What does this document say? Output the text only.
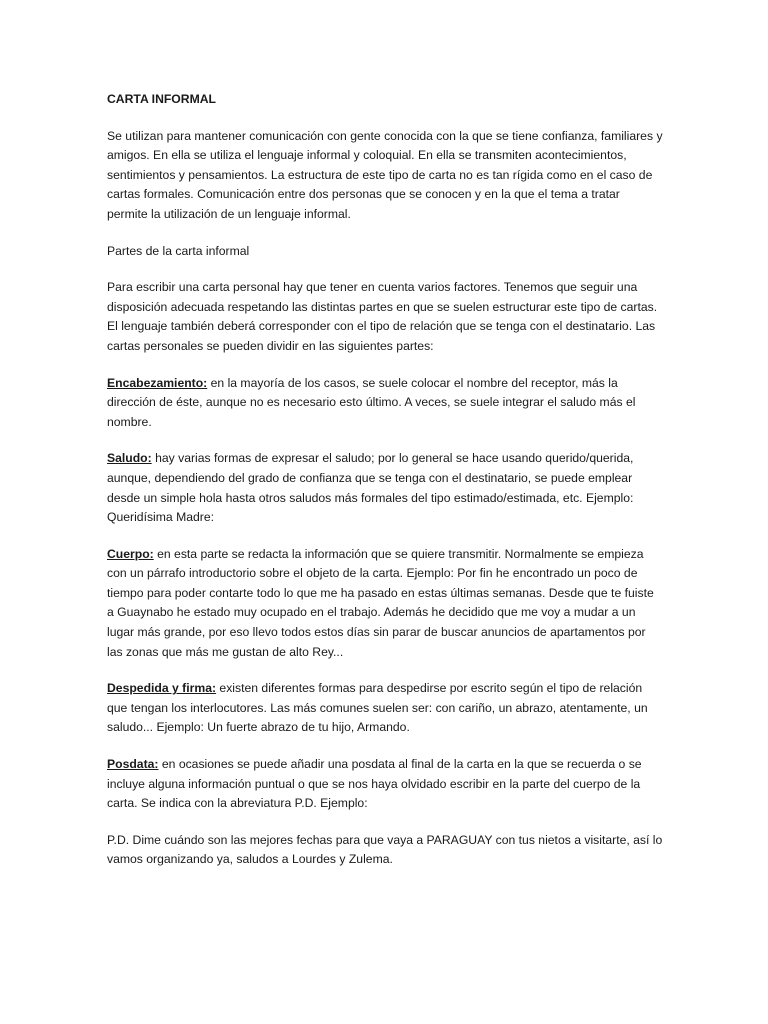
CARTA INFORMAL

Se utilizan para mantener comunicación con gente conocida con la que se tiene confianza, familiares y amigos. En ella se utiliza el lenguaje informal y coloquial. En ella se transmiten acontecimientos, sentimientos y pensamientos. La estructura de este tipo de carta no es tan rígida como en el caso de cartas formales. Comunicación entre dos personas que se conocen y en la que el tema a tratar permite la utilización de un lenguaje informal.

Partes de la carta informal

Para escribir una carta personal hay que tener en cuenta varios factores. Tenemos que seguir una disposición adecuada respetando las distintas partes en que se suelen estructurar este tipo de cartas. El lenguaje también deberá corresponder con el tipo de relación que se tenga con el destinatario. Las cartas personales se pueden dividir en las siguientes partes:

Encabezamiento: en la mayoría de los casos, se suele colocar el nombre del receptor, más la dirección de éste, aunque no es necesario esto último. A veces, se suele integrar el saludo más el nombre.

Saludo: hay varias formas de expresar el saludo; por lo general se hace usando querido/querida, aunque, dependiendo del grado de confianza que se tenga con el destinatario, se puede emplear desde un simple hola hasta otros saludos más formales del tipo estimado/estimada, etc. Ejemplo: Queridísima Madre:

Cuerpo: en esta parte se redacta la información que se quiere transmitir. Normalmente se empieza con un párrafo introductorio sobre el objeto de la carta. Ejemplo: Por fin he encontrado un poco de tiempo para poder contarte todo lo que me ha pasado en estas últimas semanas. Desde que te fuiste a Guaynabo he estado muy ocupado en el trabajo. Además he decidido que me voy a mudar a un lugar más grande, por eso llevo todos estos días sin parar de buscar anuncios de apartamentos por las zonas que más me gustan de alto Rey...

Despedida y firma: existen diferentes formas para despedirse por escrito según el tipo de relación que tengan los interlocutores. Las más comunes suelen ser: con cariño, un abrazo, atentamente, un saludo... Ejemplo: Un fuerte abrazo de tu hijo, Armando.

Posdata: en ocasiones se puede añadir una posdata al final de la carta en la que se recuerda o se incluye alguna información puntual o que se nos haya olvidado escribir en la parte del cuerpo de la carta. Se indica con la abreviatura P.D. Ejemplo:

P.D. Dime cuándo son las mejores fechas para que vaya a PARAGUAY con tus nietos a visitarte, así lo vamos organizando ya, saludos a Lourdes y Zulema.
